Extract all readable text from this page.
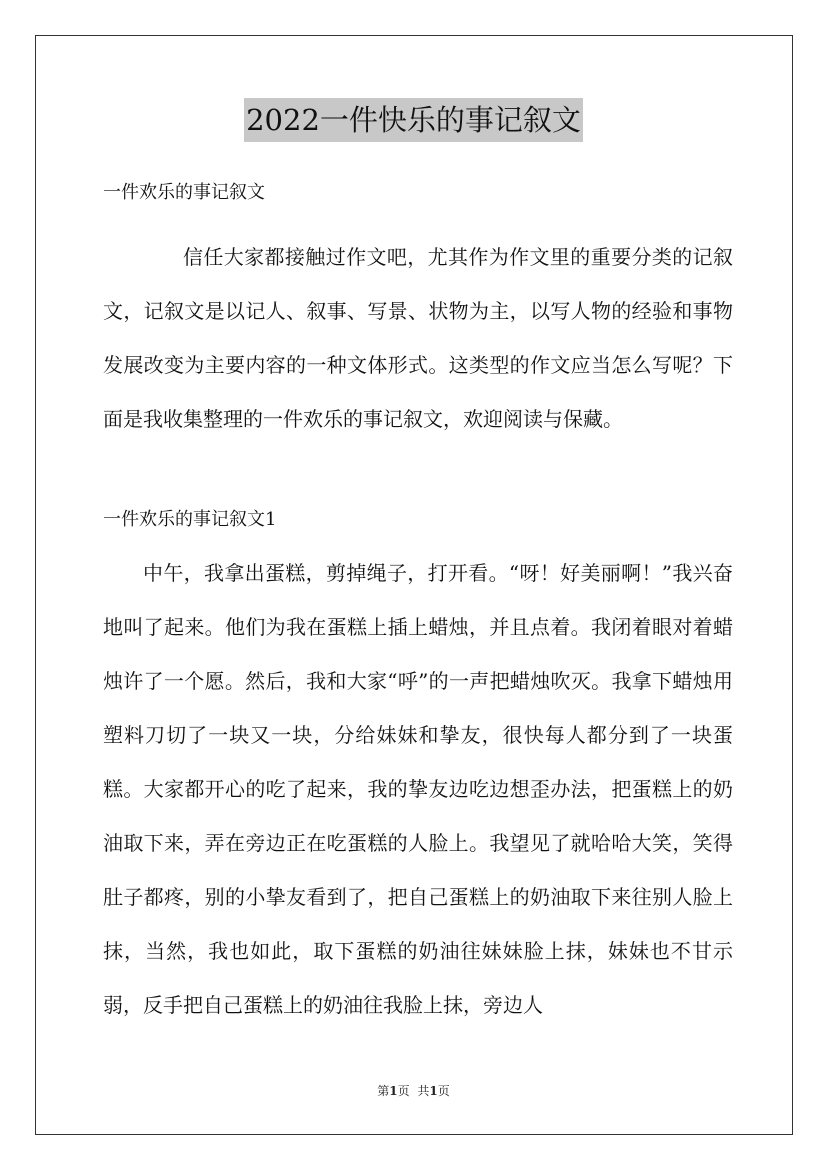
2022一件快乐的事记叙文
一件欢乐的事记叙文

信任大家都接触过作文吧，尤其作为作文里的重要分类的记叙文，记叙文是以记人、叙事、写景、状物为主，以写人物的经验和事物发展改变为主要内容的一种文体形式。这类型的作文应当怎么写呢？下面是我收集整理的一件欢乐的事记叙文，欢迎阅读与保藏。

一件欢乐的事记叙文1

中午，我拿出蛋糕，剪掉绳子，打开看。“呀！好美丽啊！”我兴奋地叫了起来。他们为我在蛋糕上插上蜡烛，并且点着。我闭着眼对着蜡烛许了一个愿。然后，我和大家“呼”的一声把蜡烛吹灭。我拿下蜡烛用塑料刀切了一块又一块，分给妹妹和挚友，很快每人都分到了一块蛋糕。大家都开心的吃了起来，我的挚友边吃边想歪办法，把蛋糕上的奶油取下来，弄在旁边正在吃蛋糕的人脸上。我望见了就哈哈大笑，笑得肚子都疼，别的小挚友看到了，把自己蛋糕上的奶油取下来往别人脸上抹，当然，我也如此，取下蛋糕的奶油往妹妹脸上抹，妹妹也不甘示弱，反手把自己蛋糕上的奶油往我脸上抹，旁边人

第1页 共1页
